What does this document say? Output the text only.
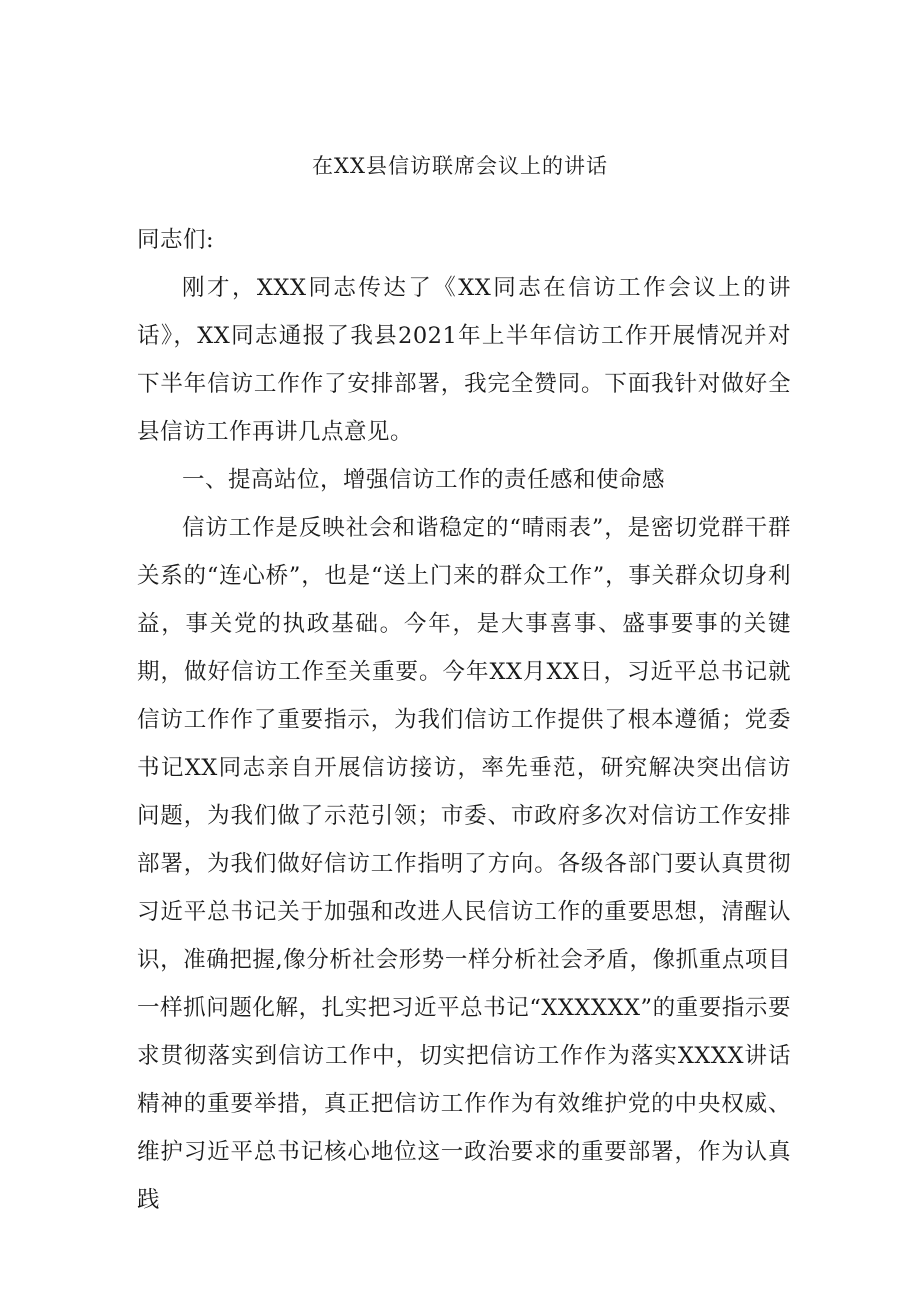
在XX县信访联席会议上的讲话

同志们:

刚才，XXX同志传达了《XX同志在信访工作会议上的讲话》，XX同志通报了我县2021年上半年信访工作开展情况并对下半年信访工作作了安排部署，我完全赞同。下面我针对做好全县信访工作再讲几点意见。

一、提高站位，增强信访工作的责任感和使命感

信访工作是反映社会和谐稳定的“晴雨表”，是密切党群干群关系的“连心桥”，也是“送上门来的群众工作”，事关群众切身利益，事关党的执政基础。今年，是大事喜事、盛事要事的关键期，做好信访工作至关重要。今年XX月XX日，习近平总书记就信访工作作了重要指示，为我们信访工作提供了根本遵循；党委书记XX同志亲自开展信访接访，率先垂范，研究解决突出信访问题，为我们做了示范引领；市委、市政府多次对信访工作安排部署，为我们做好信访工作指明了方向。各级各部门要认真贯彻习近平总书记关于加强和改进人民信访工作的重要思想，清醒认识，准确把握,像分析社会形势一样分析社会矛盾，像抓重点项目一样抓问题化解，扎实把习近平总书记“XXXXXX”的重要指示要求贯彻落实到信访工作中，切实把信访工作作为落实XXXX讲话精神的重要举措，真正把信访工作作为有效维护党的中央权威、维护习近平总书记核心地位这一政治要求的重要部署，作为认真践
